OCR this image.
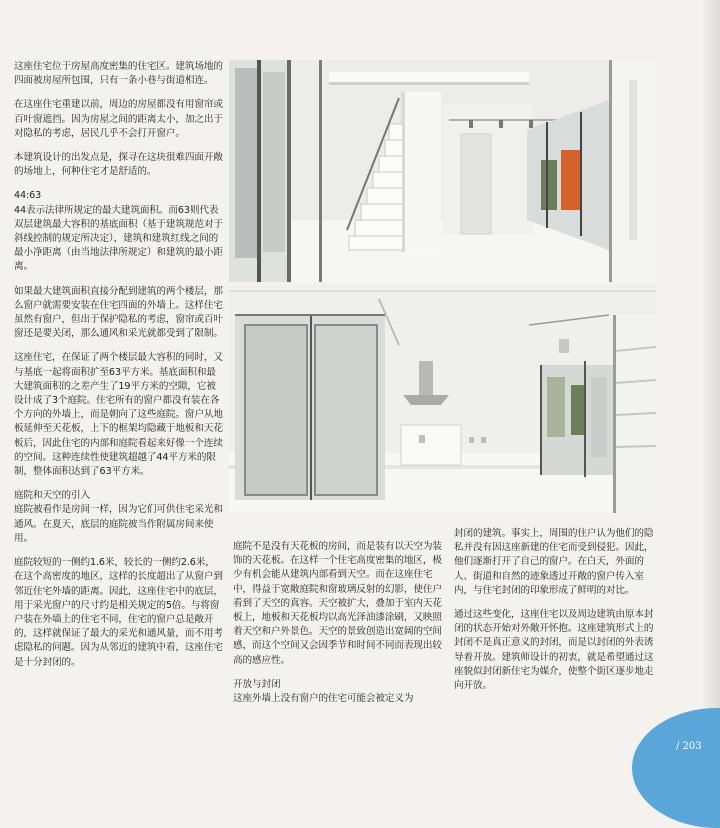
这座住宅位于房屋高度密集的住宅区。建筑场地的四面被房屋所包围，只有一条小巷与街道相连。

在这座住宅重建以前，周边的房屋都没有用窗帘或百叶窗遮挡。因为房屋之间的距离太小，加之出于对隐私的考虑，居民几乎不会打开窗户。

本建筑设计的出发点是，探寻在这块很难四面开敞的场地上，何种住宅才是舒适的。

44:63

44表示法律所规定的最大建筑面积。而63则代表双层建筑最大容积的基底面积（基于建筑规范对于斜线控制的规定所决定），建筑和建筑红线之间的最小净距离（由当地法律所规定）和建筑的最小距离。

如果最大建筑面积直接分配到建筑的两个楼层，那么窗户就需要安装在住宅四面的外墙上。这样住宅虽然有窗户，但出于保护隐私的考虑，窗帘或百叶窗还是要关闭，那么通风和采光就都受到了限制。

这座住宅，在保证了两个楼层最大容积的同时，又与基底一起将面积扩至63平方米。基底面积和最大建筑面积的之差产生了19平方米的空隙，它被设计成了3个庭院。住宅所有的窗户都没有装在各个方向的外墙上，而是朝向了这些庭院。窗户从地板延伸至天花板，上下的框架均隐藏于地板和天花板后，因此住宅的内部和庭院看起来好像一个连续的空间。这种连续性使建筑超越了44平方米的限制，整体面积达到了63平方米。

庭院和天空的引入

庭院被看作是房间一样，因为它们可供住宅采光和通风。在夏天，底层的庭院被当作附属房间来使用。

庭院较短的一侧约1.6米，较长的一侧约2.6米，在这个高密度的地区，这样的长度超出了从窗户到邻近住宅外墙的距离。因此，这座住宅中的底层，用于采光窗户的尺寸约是相关规定的5倍。与将窗户装在外墙上的住宅不同，住宅的窗户总是敞开的，这样就保证了最大的采光和通风量，而不用考虑隐私的问题。因为从邻近的建筑中看，这座住宅是十分封闭的。

庭院不是没有天花板的房间，而是装有以天空为装饰的天花板。在这样一个住宅高度密集的地区，极少有机会能从建筑内部看到天空。而在这座住宅中，得益于宽敞庭院和窗玻璃反射的幻影，使住户看到了天空的真容。天空被扩大，叠加于室内天花板上，地板和天花板均以高光泽油漆涂刷，又映照着天空和户外景色。天空的景致创造出宽阔的空间感，而这个空间又会因季节和时间不同而表现出较高的感应性。

开放与封闭

这座外墙上没有窗户的住宅可能会被定义为

封闭的建筑。事实上，周围的住户认为他们的隐私并没有因这座新建的住宅而受到侵犯。因此，他们逐渐打开了自己的窗户。在白天，外面的人、街道和自然的迹象透过开敞的窗户传入室内，与住宅封闭的印象形成了鲜明的对比。

通过这些变化，这座住宅以及周边建筑由原本封闭的状态开始对外敞开怀抱。这座建筑形式上的封闭不是真正意义的封闭，而是以封闭的外表诱导着开放。建筑师设计的初衷，就是希望通过这座貌似封闭新住宅为媒介，使整个街区逐步地走向开放。

/ 203
